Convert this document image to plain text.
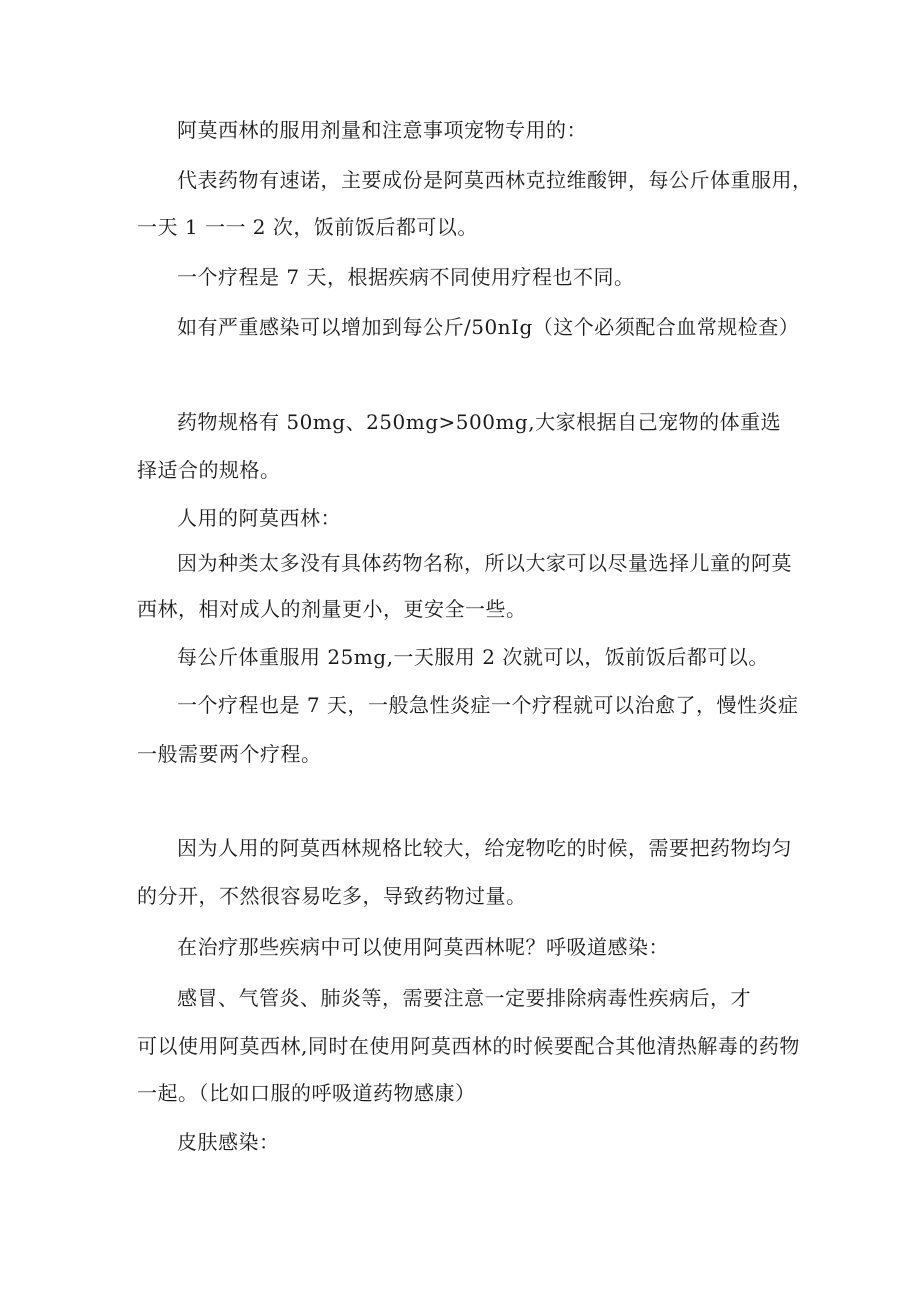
阿莫西林的服用剂量和注意事项宠物专用的：
代表药物有速诺，主要成份是阿莫西林克拉维酸钾，每公斤体重服用，
一天 1 一一 2 次，饭前饭后都可以。
一个疗程是 7 天，根据疾病不同使用疗程也不同。
如有严重感染可以增加到每公斤/50nIg（这个必须配合血常规检查）
药物规格有 50mg、250mg>500mg,大家根据自己宠物的体重选
择适合的规格。
人用的阿莫西林：
因为种类太多没有具体药物名称，所以大家可以尽量选择儿童的阿莫
西林，相对成人的剂量更小，更安全一些。
每公斤体重服用 25mg,一天服用 2 次就可以，饭前饭后都可以。
一个疗程也是 7 天，一般急性炎症一个疗程就可以治愈了，慢性炎症
一般需要两个疗程。
因为人用的阿莫西林规格比较大，给宠物吃的时候，需要把药物均匀
的分开，不然很容易吃多，导致药物过量。
在治疗那些疾病中可以使用阿莫西林呢？呼吸道感染：
感冒、气管炎、肺炎等，需要注意一定要排除病毒性疾病后，才
可以使用阿莫西林,同时在使用阿莫西林的时候要配合其他清热解毒的药物
一起。（比如口服的呼吸道药物感康）
皮肤感染：
